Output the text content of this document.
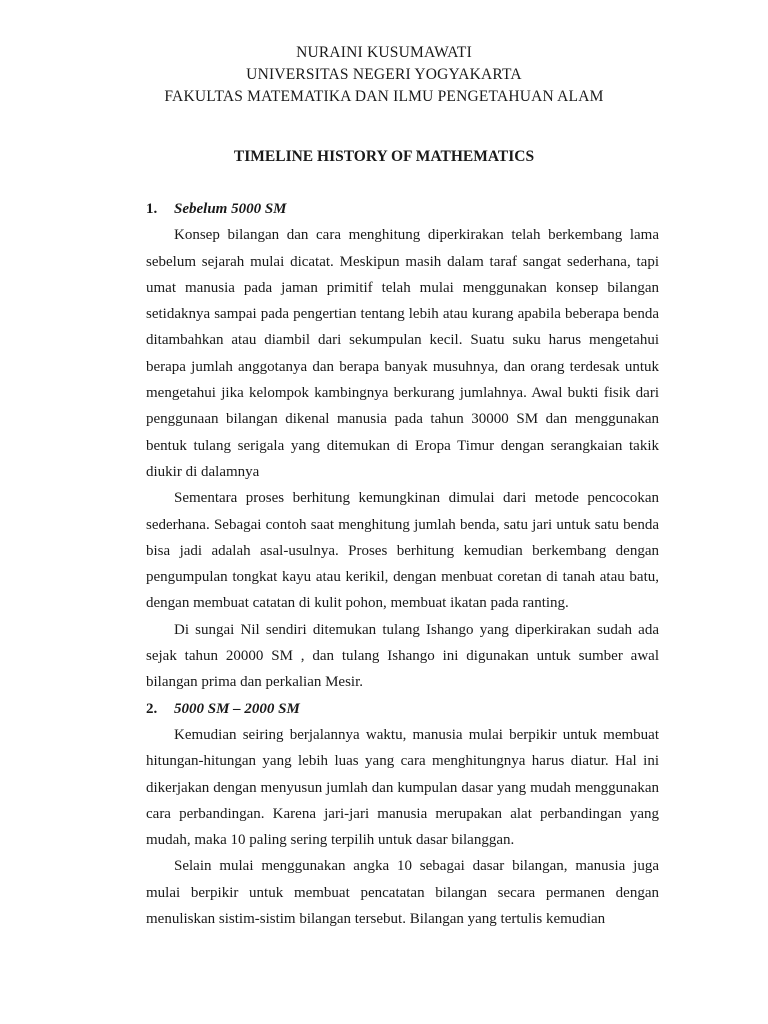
NURAINI KUSUMAWATI
UNIVERSITAS NEGERI YOGYAKARTA
FAKULTAS MATEMATIKA DAN ILMU PENGETAHUAN ALAM
TIMELINE HISTORY OF MATHEMATICS
1. Sebelum 5000 SM

Konsep bilangan dan cara menghitung diperkirakan telah berkembang lama sebelum sejarah mulai dicatat. Meskipun masih dalam taraf sangat sederhana, tapi umat manusia pada jaman primitif telah mulai menggunakan konsep bilangan setidaknya sampai pada pengertian tentang lebih atau kurang apabila beberapa benda ditambahkan atau diambil dari sekumpulan kecil. Suatu suku harus mengetahui berapa jumlah anggotanya dan berapa banyak musuhnya, dan orang terdesak untuk mengetahui jika kelompok kambingnya berkurang jumlahnya. Awal bukti fisik dari penggunaan bilangan dikenal manusia pada tahun 30000 SM dan menggunakan bentuk tulang serigala yang ditemukan di Eropa Timur dengan serangkaian takik diukir di dalamnya

Sementara proses berhitung kemungkinan dimulai dari metode pencocokan sederhana. Sebagai contoh saat menghitung jumlah benda, satu jari untuk satu benda bisa jadi adalah asal-usulnya. Proses berhitung kemudian berkembang dengan pengumpulan tongkat kayu atau kerikil, dengan menbuat coretan di tanah atau batu, dengan membuat catatan di kulit pohon, membuat ikatan pada ranting.

Di sungai Nil sendiri ditemukan tulang Ishango yang diperkirakan sudah ada sejak tahun 20000 SM , dan tulang Ishango ini digunakan untuk sumber awal bilangan prima dan perkalian Mesir.

2. 5000 SM – 2000 SM

Kemudian seiring berjalannya waktu, manusia mulai berpikir untuk membuat hitungan-hitungan yang lebih luas yang cara menghitungnya harus diatur. Hal ini dikerjakan dengan menyusun jumlah dan kumpulan dasar yang mudah menggunakan cara perbandingan. Karena jari-jari manusia merupakan alat perbandingan yang mudah, maka 10 paling sering terpilih untuk dasar bilanggan.

Selain mulai menggunakan angka 10 sebagai dasar bilangan, manusia juga mulai berpikir untuk membuat pencatatan bilangan secara permanen dengan menuliskan sistim-sistim bilangan tersebut. Bilangan yang tertulis kemudian
